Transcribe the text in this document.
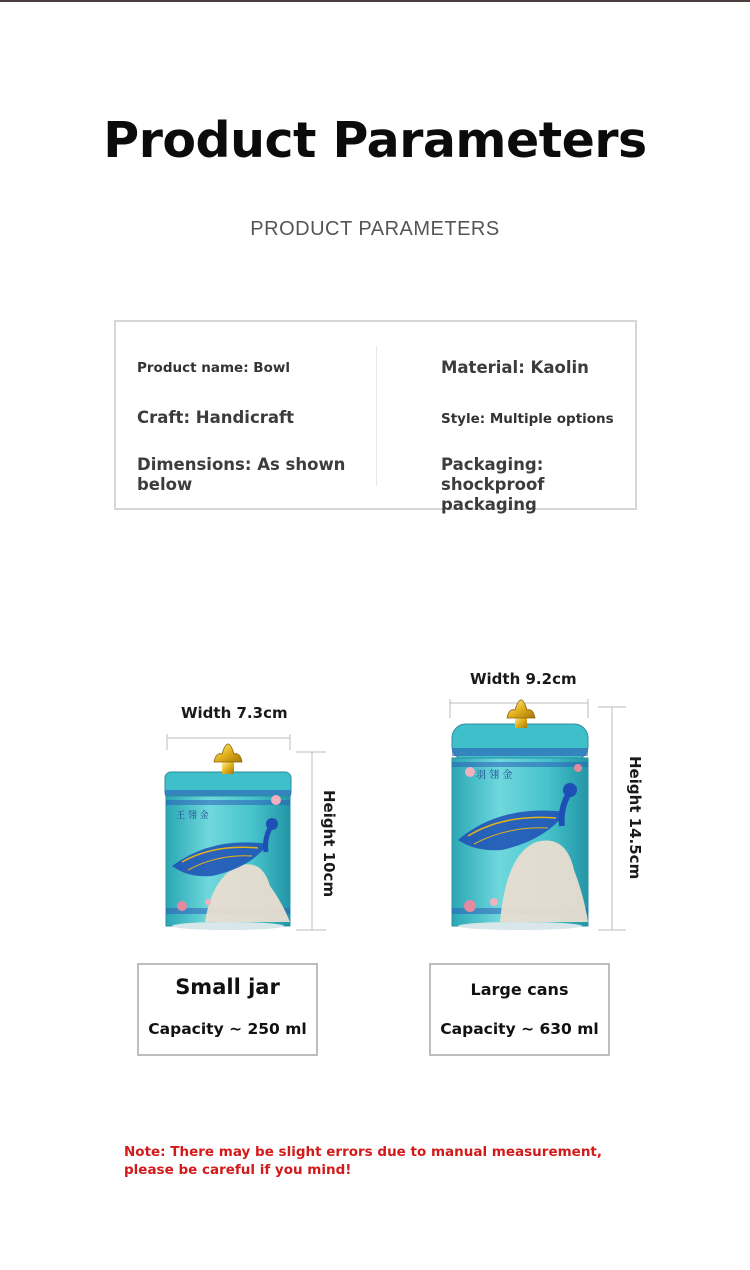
Product Parameters
PRODUCT PARAMETERS
Product name: Bowl
Craft: Handicraft
Dimensions: As shown below
Material: Kaolin
Style: Multiple options
Packaging: shockproof packaging
王 翎 金
羽 翎 金
Width 7.3cm
Height 10cm
Width 9.2cm
Height 14.5cm
Small jar
Capacity ~ 250 ml
Large cans
Capacity ~ 630 ml
Note: There may be slight errors due to manual measurement, please be careful if you mind!
